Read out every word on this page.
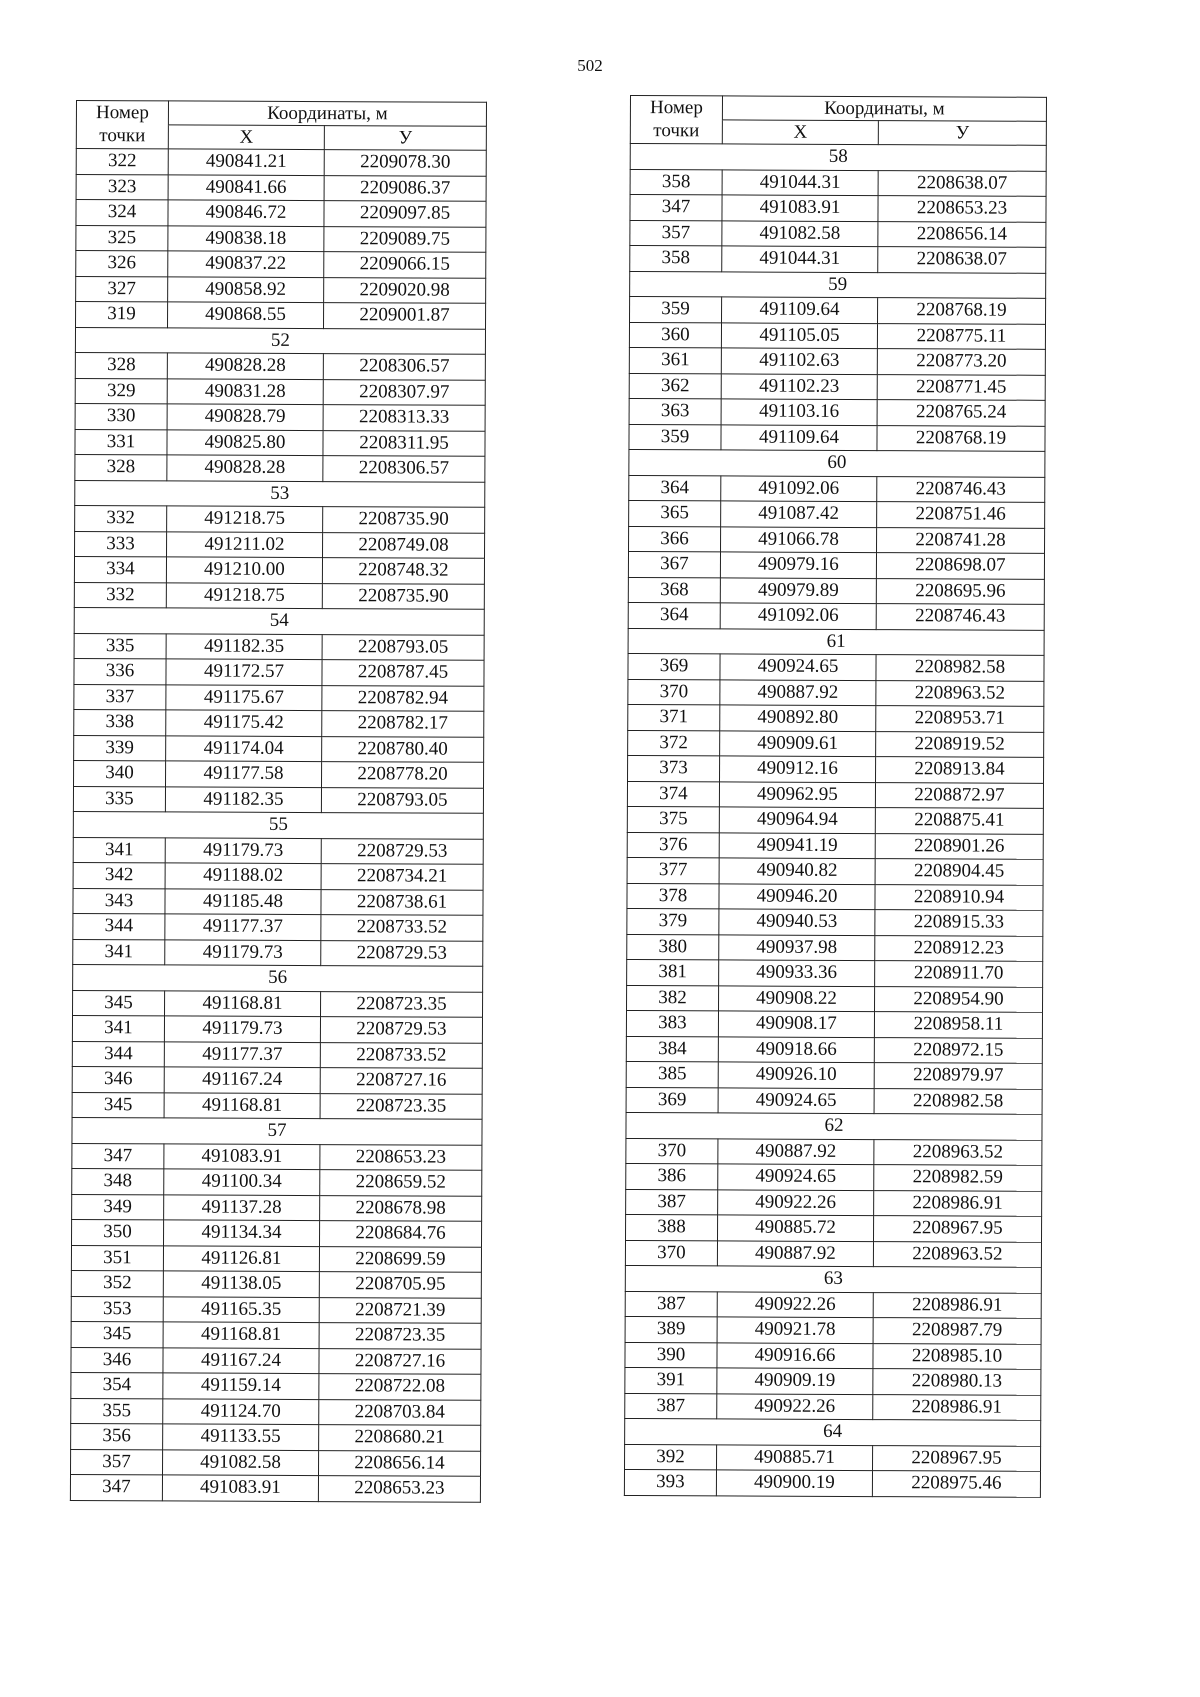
502
Номер	Координаты, м	
точки	X	У
322	490841.21	2209078.30
323	490841.66	2209086.37
324	490846.72	2209097.85
325	490838.18	2209089.75
326	490837.22	2209066.15
327	490858.92	2209020.98
319	490868.55	2209001.87
52		
328	490828.28	2208306.57
329	490831.28	2208307.97
330	490828.79	2208313.33
331	490825.80	2208311.95
328	490828.28	2208306.57
53		
332	491218.75	2208735.90
333	491211.02	2208749.08
334	491210.00	2208748.32
332	491218.75	2208735.90
54		
335	491182.35	2208793.05
336	491172.57	2208787.45
337	491175.67	2208782.94
338	491175.42	2208782.17
339	491174.04	2208780.40
340	491177.58	2208778.20
335	491182.35	2208793.05
55		
341	491179.73	2208729.53
342	491188.02	2208734.21
343	491185.48	2208738.61
344	491177.37	2208733.52
341	491179.73	2208729.53
56		
345	491168.81	2208723.35
341	491179.73	2208729.53
344	491177.37	2208733.52
346	491167.24	2208727.16
345	491168.81	2208723.35
57		
347	491083.91	2208653.23
348	491100.34	2208659.52
349	491137.28	2208678.98
350	491134.34	2208684.76
351	491126.81	2208699.59
352	491138.05	2208705.95
353	491165.35	2208721.39
345	491168.81	2208723.35
346	491167.24	2208727.16
354	491159.14	2208722.08
355	491124.70	2208703.84
356	491133.55	2208680.21
357	491082.58	2208656.14
347	491083.91	2208653.23
Номер	Координаты, м	
точки	X	У
58		
358	491044.31	2208638.07
347	491083.91	2208653.23
357	491082.58	2208656.14
358	491044.31	2208638.07
59		
359	491109.64	2208768.19
360	491105.05	2208775.11
361	491102.63	2208773.20
362	491102.23	2208771.45
363	491103.16	2208765.24
359	491109.64	2208768.19
60		
364	491092.06	2208746.43
365	491087.42	2208751.46
366	491066.78	2208741.28
367	490979.16	2208698.07
368	490979.89	2208695.96
364	491092.06	2208746.43
61		
369	490924.65	2208982.58
370	490887.92	2208963.52
371	490892.80	2208953.71
372	490909.61	2208919.52
373	490912.16	2208913.84
374	490962.95	2208872.97
375	490964.94	2208875.41
376	490941.19	2208901.26
377	490940.82	2208904.45
378	490946.20	2208910.94
379	490940.53	2208915.33
380	490937.98	2208912.23
381	490933.36	2208911.70
382	490908.22	2208954.90
383	490908.17	2208958.11
384	490918.66	2208972.15
385	490926.10	2208979.97
369	490924.65	2208982.58
62		
370	490887.92	2208963.52
386	490924.65	2208982.59
387	490922.26	2208986.91
388	490885.72	2208967.95
370	490887.92	2208963.52
63		
387	490922.26	2208986.91
389	490921.78	2208987.79
390	490916.66	2208985.10
391	490909.19	2208980.13
387	490922.26	2208986.91
64		
392	490885.71	2208967.95
393	490900.19	2208975.46
